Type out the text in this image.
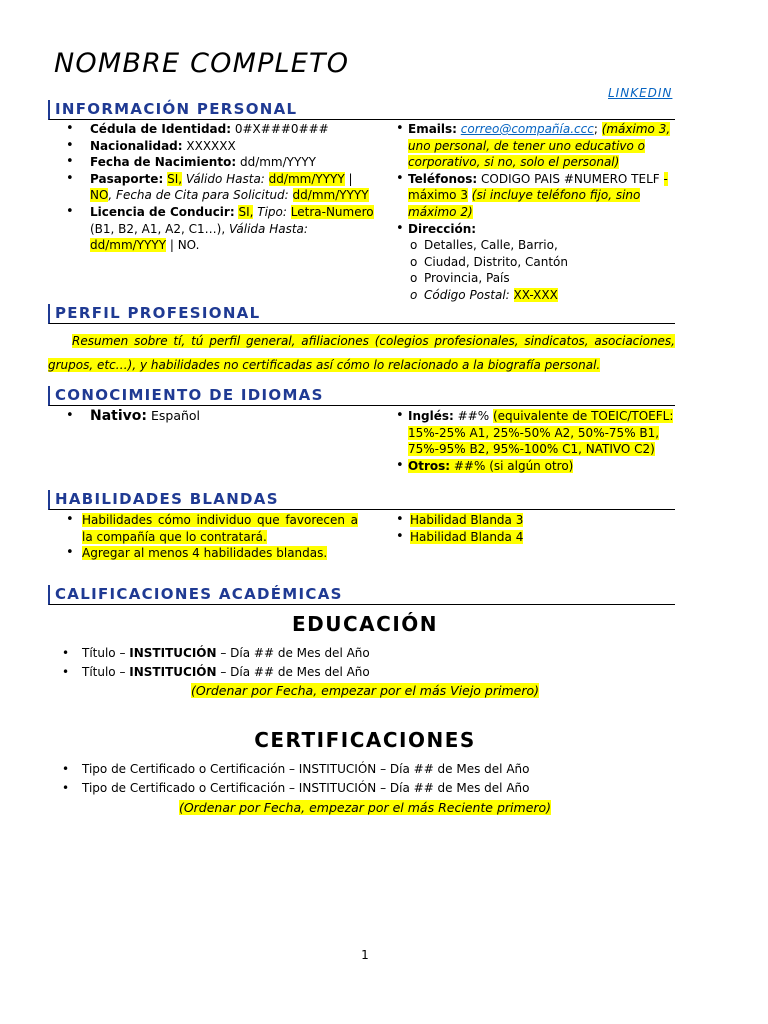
NOMBRE COMPLETO
LINKEDIN
INFORMACIÓN PERSONAL
• Cédula de Identidad: 0#X###0###
• Nacionalidad: XXXXXX
• Fecha de Nacimiento: dd/mm/YYYY
• Pasaporte: SI, Válido Hasta: dd/mm/YYYY | NO, Fecha de Cita para Solicitud: dd/mm/YYYY
• Licencia de Conducir: SI, Tipo: Letra-Numero (B1, B2, A1, A2, C1…), Válida Hasta: dd/mm/YYYY | NO.
• Emails: correo@compañía.ccc; (máximo 3, uno personal, de tener uno educativo o corporativo, si no, solo el personal)
• Teléfonos: CODIGO PAIS #NUMERO TELF - máximo 3 (si incluye teléfono fijo, sino máximo 2)
• Dirección:
o Detalles, Calle, Barrio,
o Ciudad, Distrito, Cantón
o Provincia, País
o Código Postal: XX-XXX
PERFIL PROFESIONAL

Resumen sobre tí, tú perfil general, afiliaciones (colegios profesionales, sindicatos, asociaciones, grupos, etc…), y habilidades no certificadas así cómo lo relacionado a la biografía personal.

CONOCIMIENTO DE IDIOMAS
• Nativo: Español
•	Inglés: ##% (equivalente de TOEIC/TOEFL: 15%-25% A1, 25%-50% A2, 50%-75% B1, 75%-95% B2, 95%-100% C1, NATIVO C2)
• Otros: ##% (si algún otro)
HABILIDADES BLANDAS
• Habilidades cómo individuo que favorecen a la compañía que lo contratará.
• Agregar al menos 4 habilidades blandas.
• Habilidad Blanda 3
• Habilidad Blanda 4
CALIFICACIONES ACADÉMICAS
EDUCACIÓN
• Título – INSTITUCIÓN – Día ## de Mes del Año
• Título – INSTITUCIÓN – Día ## de Mes del Año
(Ordenar por Fecha, empezar por el más Viejo primero)
CERTIFICACIONES
• Tipo de Certificado o Certificación – INSTITUCIÓN – Día ## de Mes del Año
• Tipo de Certificado o Certificación – INSTITUCIÓN – Día ## de Mes del Año
(Ordenar por Fecha, empezar por el más Reciente primero)
1
